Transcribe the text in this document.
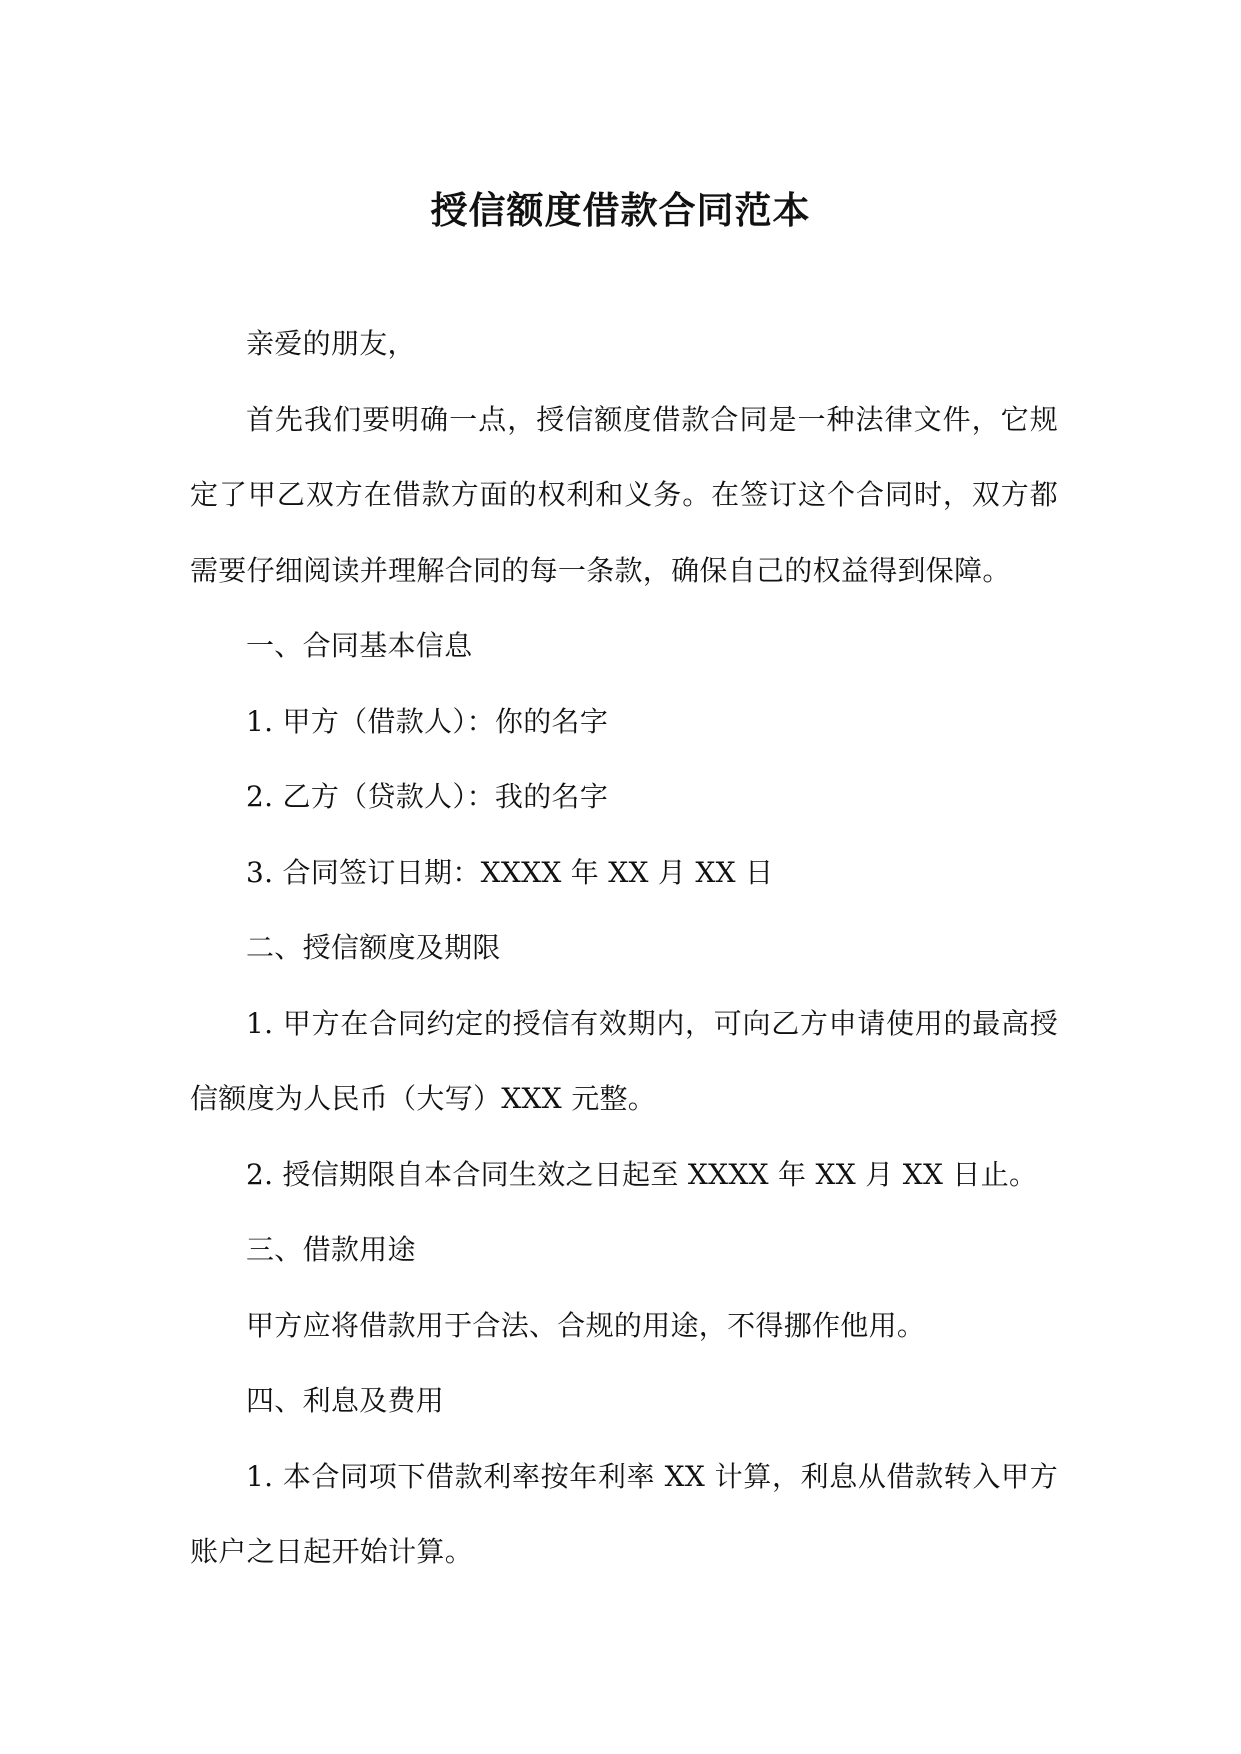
授信额度借款合同范本

亲爱的朋友，

首先我们要明确一点，授信额度借款合同是一种法律文件，它规定了甲乙双方在借款方面的权利和义务。在签订这个合同时，双方都需要仔细阅读并理解合同的每一条款，确保自己的权益得到保障。

一、合同基本信息

1. 甲方（借款人）：你的名字

2. 乙方（贷款人）：我的名字

3. 合同签订日期：XXXX 年 XX 月 XX 日

二、授信额度及期限

1. 甲方在合同约定的授信有效期内，可向乙方申请使用的最高授信额度为人民币（大写）XXX 元整。

2. 授信期限自本合同生效之日起至 XXXX 年 XX 月 XX 日止。

三、借款用途

甲方应将借款用于合法、合规的用途，不得挪作他用。

四、利息及费用

1. 本合同项下借款利率按年利率 XX 计算，利息从借款转入甲方账户之日起开始计算。
